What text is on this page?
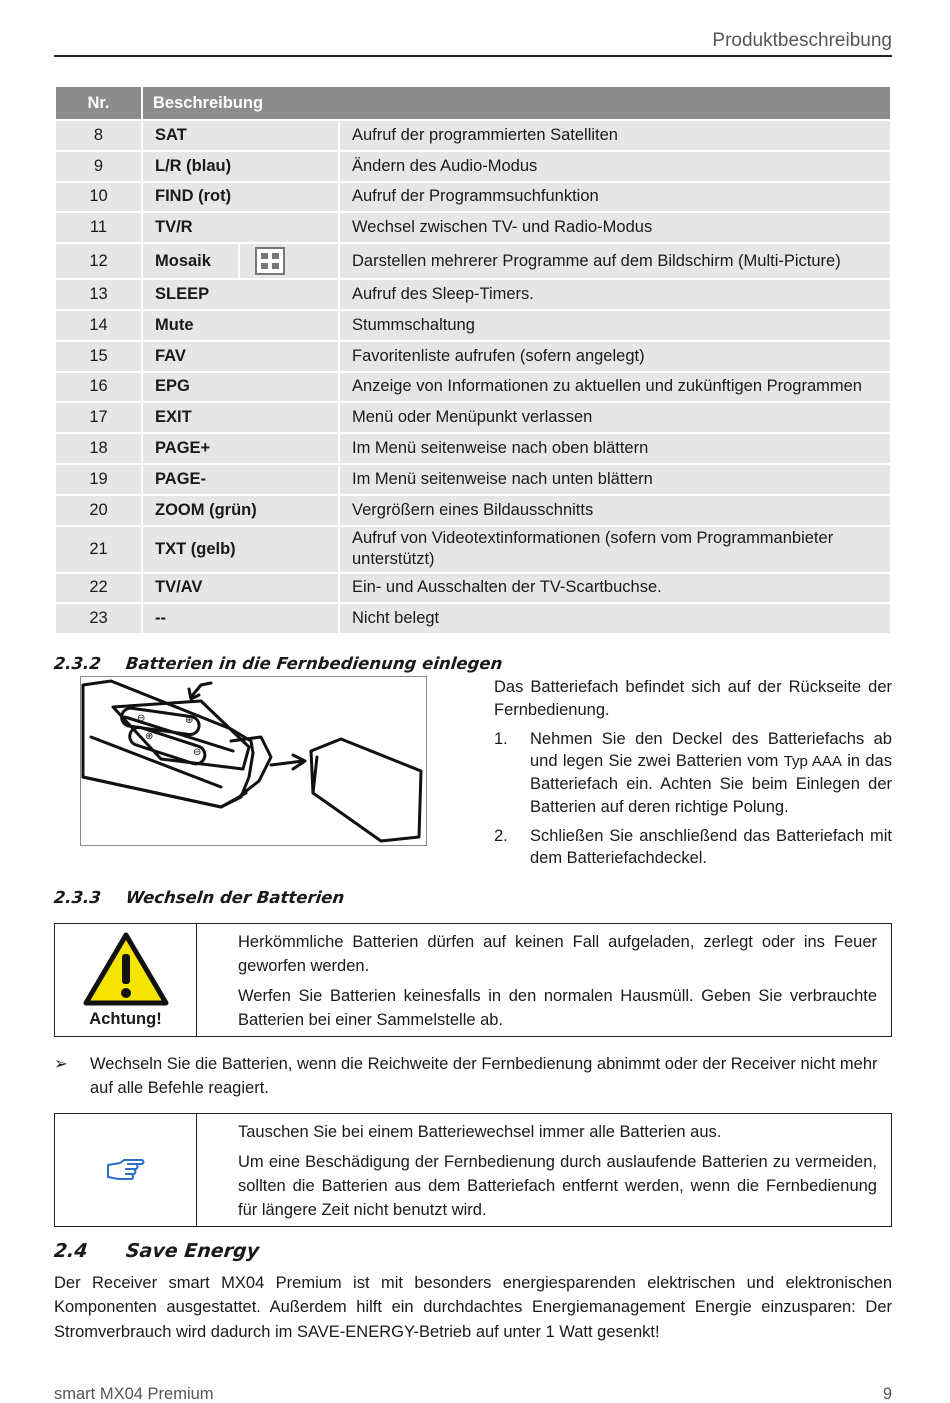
Produktbeschreibung
Nr.	Beschreibung		
8	SAT		Aufruf der programmierten Satelliten
9	L/R (blau)		Ändern des Audio-Modus
10	FIND (rot)		Aufruf der Programmsuchfunktion
11	TV/R		Wechsel zwischen TV- und Radio-Modus
12	Mosaik		Darstellen mehrerer Programme auf dem Bildschirm (Multi-Picture)
13	SLEEP		Aufruf des Sleep-Timers.
14	Mute		Stummschaltung
15	FAV		Favoritenliste aufrufen (sofern angelegt)
16	EPG		Anzeige von Informationen zu aktuellen und zukünftigen Programmen
17	EXIT		Menü oder Menüpunkt verlassen
18	PAGE+		Im Menü seitenweise nach oben blättern
19	PAGE-		Im Menü seitenweise nach unten blättern
20	ZOOM (grün)		Vergrößern eines Bildausschnitts
21	TXT (gelb)		Aufruf von Videotextinformationen (sofern vom Programmanbieter unterstützt)
22	TV/AV		Ein- und Ausschalten der TV-Scartbuchse.
23	--		Nicht belegt
2.3.2 Batterien in die Fernbedienung einlegen
⊖	⊕
⊕
⊖

Das Batteriefach befindet sich auf der Rückseite der Fernbedienung.

1. Nehmen Sie den Deckel des Batteriefachs ab und legen Sie zwei Batterien vom Typ AAA in das Batteriefach ein. Achten Sie beim Einlegen der Batterien auf deren richtige Polung.
2. Schließen Sie anschließend das Batteriefach mit dem Batteriefachdeckel.
2.3.3 Wechseln der Batterien
Achtung!

Herkömmliche Batterien dürfen auf keinen Fall aufgeladen, zerlegt oder ins Feuer geworfen werden.

Werfen Sie Batterien keinesfalls in den normalen Hausmüll. Geben Sie verbrauchte Batterien bei einer Sammelstelle ab.

➢ Wechseln Sie die Batterien, wenn die Reichweite der Fernbedienung abnimmt oder der Receiver nicht mehr auf alle Befehle reagiert.

Tauschen Sie bei einem Batteriewechsel immer alle Batterien aus.

Um eine Beschädigung der Fernbedienung durch auslaufende Batterien zu vermeiden, sollten die Batterien aus dem Batteriefach entfernt werden, wenn die Fernbedienung für längere Zeit nicht benutzt wird.

2.4 Save Energy
Der Receiver smart MX04 Premium ist mit besonders energiesparenden elektrischen und elektronischen Komponenten ausgestattet. Außerdem hilft ein durchdachtes Energiemanagement Energie einzusparen: Der Stromverbrauch wird dadurch im SAVE-ENERGY-Betrieb auf unter 1 Watt gesenkt!
smart MX04 Premium	9
